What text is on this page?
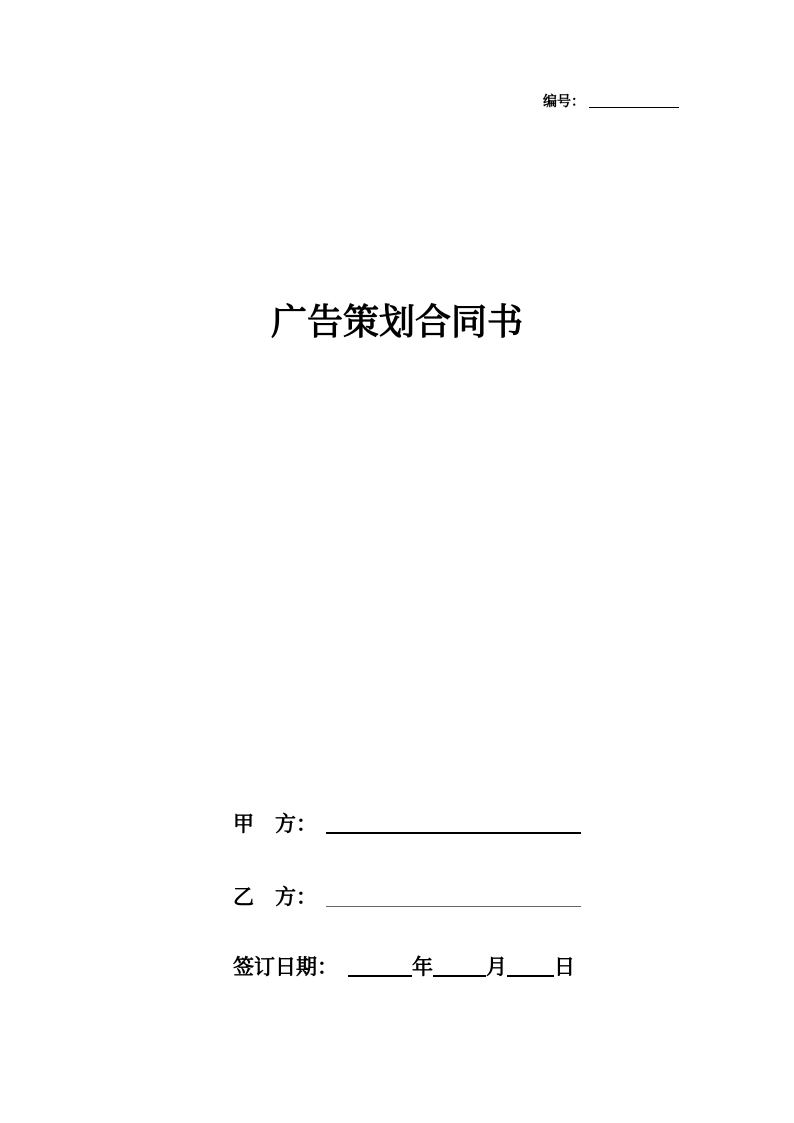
编号：
广告策划合同书
甲　方：
乙　方：
签订日期：	年	月 日
